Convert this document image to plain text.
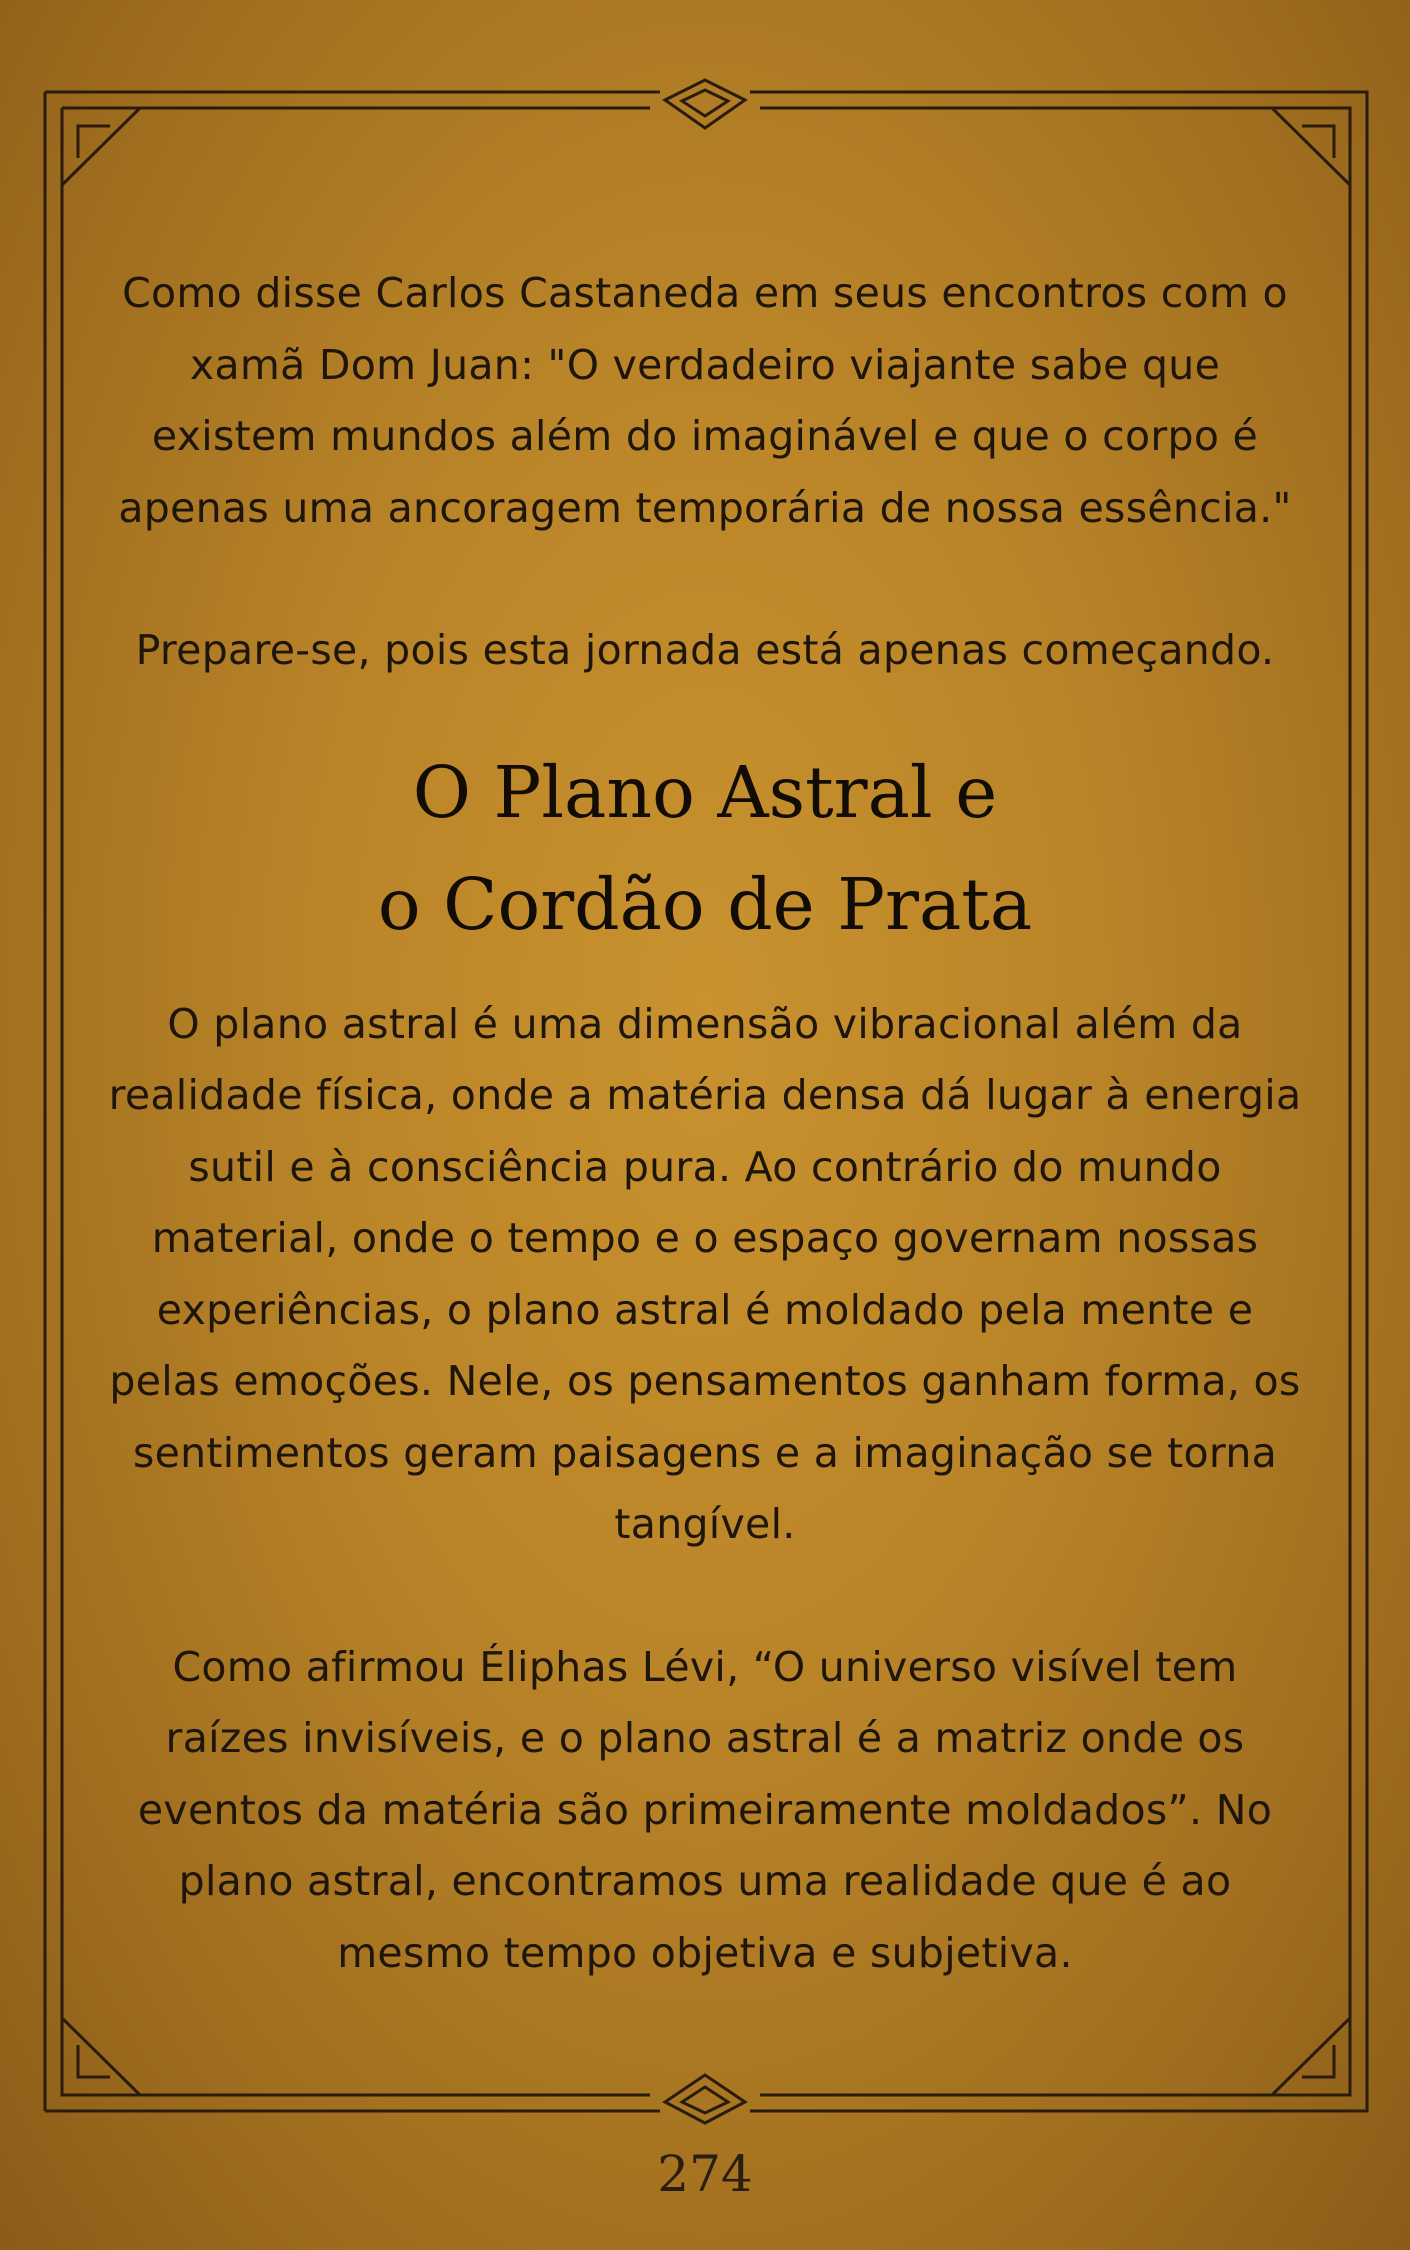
Como disse Carlos Castaneda em seus encontros com o xamã Dom Juan: "O verdadeiro viajante sabe que existem mundos além do imaginável e que o corpo é apenas uma ancoragem temporária de nossa essência."

Prepare-se, pois esta jornada está apenas começando.

O Plano Astral e
o Cordão de Prata

O plano astral é uma dimensão vibracional além da realidade física, onde a matéria densa dá lugar à energia sutil e à consciência pura. Ao contrário do mundo material, onde o tempo e o espaço governam nossas experiências, o plano astral é moldado pela mente e pelas emoções. Nele, os pensamentos ganham forma, os sentimentos geram paisagens e a imaginação se torna tangível.

Como afirmou Éliphas Lévi, “O universo visível tem raízes invisíveis, e o plano astral é a matriz onde os eventos da matéria são primeiramente moldados”. No plano astral, encontramos uma realidade que é ao mesmo tempo objetiva e subjetiva.

274
